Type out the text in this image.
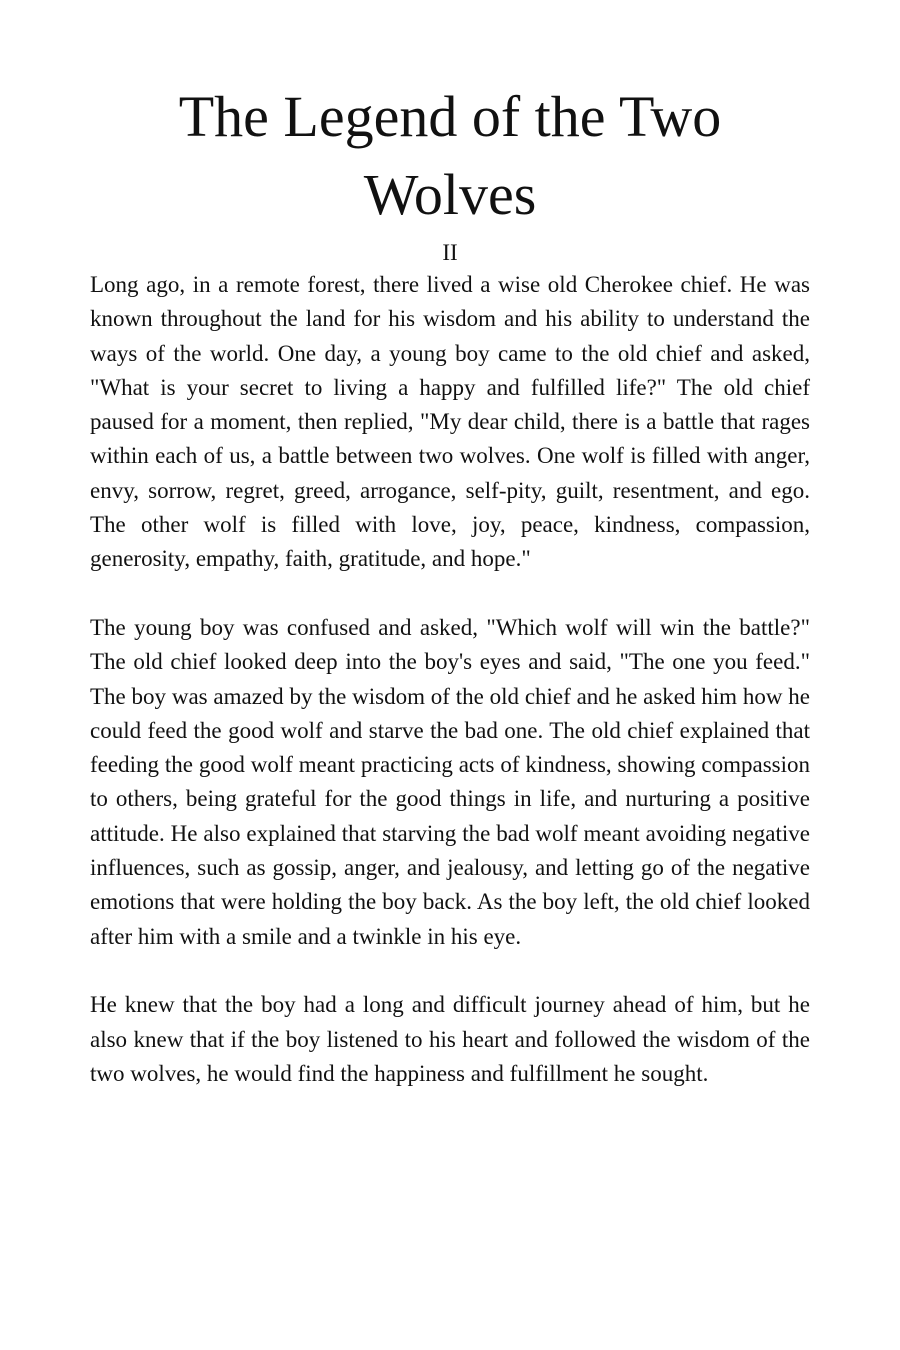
The Legend of the Two Wolves
II

Long ago, in a remote forest, there lived a wise old Cherokee chief. He was known throughout the land for his wisdom and his ability to understand the ways of the world. One day, a young boy came to the old chief and asked, "What is your secret to living a happy and fulfilled life?" The old chief paused for a moment, then replied, "My dear child, there is a battle that rages within each of us, a battle between two wolves. One wolf is filled with anger, envy, sorrow, regret, greed, arrogance, self-pity, guilt, resentment, and ego. The other wolf is filled with love, joy, peace, kindness, compassion, generosity, empathy, faith, gratitude, and hope."

The young boy was confused and asked, "Which wolf will win the battle?" The old chief looked deep into the boy's eyes and said, "The one you feed." The boy was amazed by the wisdom of the old chief and he asked him how he could feed the good wolf and starve the bad one. The old chief explained that feeding the good wolf meant practicing acts of kindness, showing compassion to others, being grateful for the good things in life, and nurturing a positive attitude. He also explained that starving the bad wolf meant avoiding negative influences, such as gossip, anger, and jealousy, and letting go of the negative emotions that were holding the boy back. As the boy left, the old chief looked after him with a smile and a twinkle in his eye.

He knew that the boy had a long and difficult journey ahead of him, but he also knew that if the boy listened to his heart and followed the wisdom of the two wolves, he would find the happiness and fulfillment he sought.
